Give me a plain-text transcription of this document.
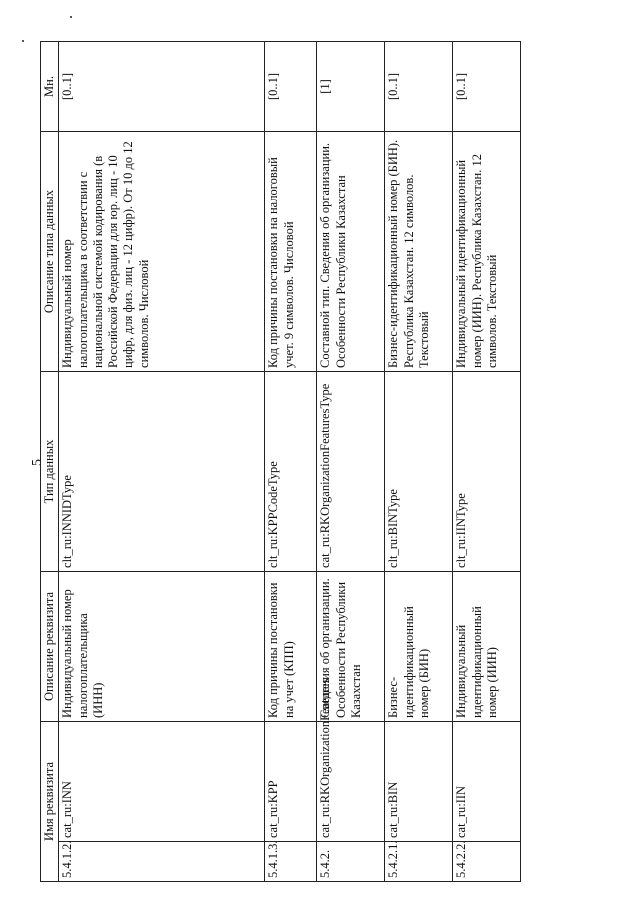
5
Имя реквизита		Описание реквизита	Тип данных	Описание типа данных	Мн.
5.4.1.2.	cat_ru:INN	Индивидуальный номер налогоплательщика (ИНН)	clt_ru:INNIDType	Индивидуальный номер налогоплательщика в соответствии с национальной системой кодирования (в Российской Федерации для юр. лиц - 10 цифр, для физ. лиц - 12 цифр). От 10 до 12 символов. Числовой	[0..1]
5.4.1.3.	cat_ru:KPP	Код причины постановки на учет (КПП)	clt_ru:KPPCodeType	Код причины постановки на налоговый учет. 9 символов. Числовой	[0..1]
5.4.2.	cat_ru:RKOrganizationFeatures	Сведения об организации. Особенности Республики Казахстан	cat_ru:RKOrganizationFeaturesType	Составной тип. Сведения об организации. Особенности Республики Казахстан	[1]
5.4.2.1.	cat_ru:BIN	Бизнес-идентификационный номер (БИН)	clt_ru:BINType	Бизнес-идентификационный номер (БИН). Республика Казахстан. 12 символов. Текстовый	[0..1]
5.4.2.2.	cat_ru:IIN	Индивидуальный идентификационный номер (ИИН)	clt_ru:IINType	Индивидуальный идентификационный номер (ИИН). Республика Казахстан. 12 символов. Текстовый	[0..1]
